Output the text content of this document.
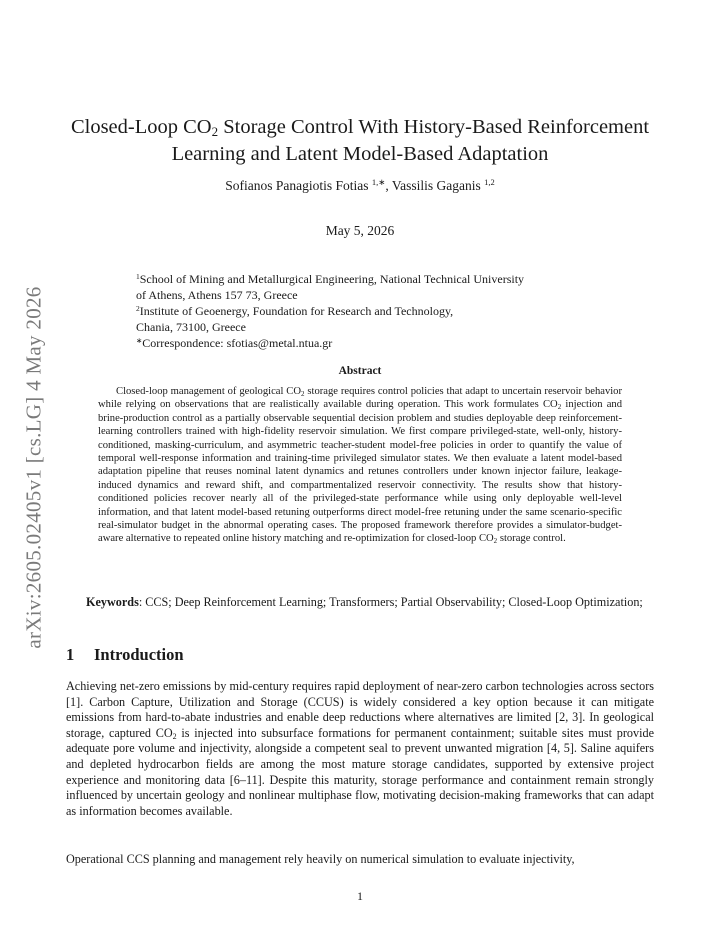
arXiv:2605.02405v1 [cs.LG] 4 May 2026
Closed-Loop $CO_2$ Storage Control With History-Based Reinforcement
Learning and Latent Model-Based Adaptation
Sofianos Panagiotis Fotias $^{1,∗}$, Vassilis Gaganis $^{1,2}$
May 5, 2026
$^1$School of Mining and Metallurgical Engineering, National Technical University
of Athens, Athens 157 73, Greece
$^2$Institute of Geoenergy, Foundation for Research and Technology,
Chania, 73100, Greece
∗Correspondence: sfotias@metal.ntua.gr
Abstract

Closed-loop management of geological $CO_2$ storage requires control policies that adapt to uncertain reservoir behavior while relying on observations that are realistically available during operation. This work formulates $CO_2$ injection and brine-production control as a partially observable sequential decision problem and studies deployable deep reinforcement-learning controllers trained with high-fidelity reservoir simulation. We first compare privileged-state, well-only, history-conditioned, masking-curriculum, and asymmetric teacher-student model-free policies in order to quantify the value of temporal well-response information and training-time privileged simulator states. We then evaluate a latent model-based adaptation pipeline that reuses nominal latent dynamics and retunes controllers under known injector failure, leakage-induced dynamics and reward shift, and compartmentalized reservoir connectivity. The results show that history-conditioned policies recover nearly all of the privileged-state performance while using only deployable well-level information, and that latent model-based retuning outperforms direct model-free retuning under the same scenario-specific real-simulator budget in the abnormal operating cases. The proposed framework therefore provides a simulator-budget-aware alternative to repeated online history matching and re-optimization for closed-loop $CO_2$ storage control.

Keywords: CCS; Deep Reinforcement Learning; Transformers; Partial Observability; Closed-Loop Optimization;

1 Introduction

Achieving net-zero emissions by mid-century requires rapid deployment of near-zero carbon technologies across sectors [1]. Carbon Capture, Utilization and Storage (CCUS) is widely considered a key option because it can mitigate emissions from hard-to-abate industries and enable deep reductions where alternatives are limited [2, 3]. In geological storage, captured $CO_2$ is injected into subsurface formations for permanent containment; suitable sites must provide adequate pore volume and injectivity, alongside a competent seal to prevent unwanted migration [4, 5]. Saline aquifers and depleted hydrocarbon fields are among the most mature storage candidates, supported by extensive project experience and monitoring data [6–11]. Despite this maturity, storage performance and containment remain strongly influenced by uncertain geology and nonlinear multiphase flow, motivating decision-making frameworks that can adapt as information becomes available.

Operational CCS planning and management rely heavily on numerical simulation to evaluate injectivity,

1
